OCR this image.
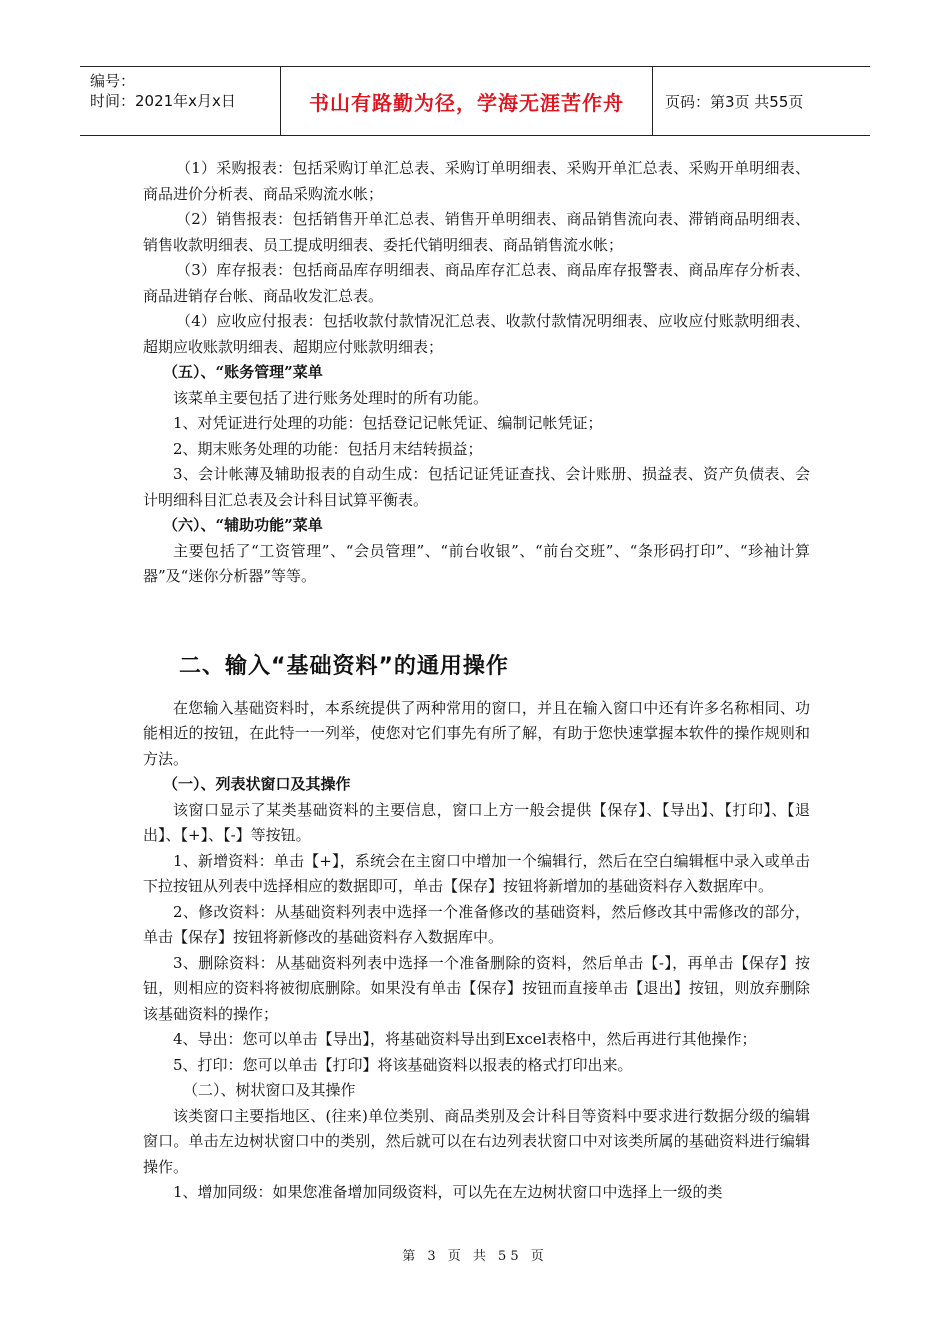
编号：
时间：2021年x月x日	书山有路勤为径，学海无涯苦作舟	页码：第3页 共55页

（1）采购报表：包括采购订单汇总表、采购订单明细表、采购开单汇总表、采购开单明细表、商品进价分析表、商品采购流水帐；

（2）销售报表：包括销售开单汇总表、销售开单明细表、商品销售流向表、滞销商品明细表、销售收款明细表、员工提成明细表、委托代销明细表、商品销售流水帐；

（3）库存报表：包括商品库存明细表、商品库存汇总表、商品库存报警表、商品库存分析表、商品进销存台帐、商品收发汇总表。

（4）应收应付报表：包括收款付款情况汇总表、收款付款情况明细表、应收应付账款明细表、超期应收账款明细表、超期应付账款明细表；

（五）、“账务管理”菜单

该菜单主要包括了进行账务处理时的所有功能。

1、对凭证进行处理的功能：包括登记记帐凭证、编制记帐凭证；

2、期末账务处理的功能：包括月末结转损益；

3、会计帐薄及辅助报表的自动生成：包括记证凭证查找、会计账册、损益表、资产负债表、会计明细科目汇总表及会计科目试算平衡表。

（六）、“辅助功能”菜单

主要包括了“工资管理”、“会员管理”、“前台收银”、“前台交班”、“条形码打印”、“珍袖计算器”及“迷你分析器”等等。

二、输入“基础资料”的通用操作

在您输入基础资料时，本系统提供了两种常用的窗口，并且在输入窗口中还有许多名称相同、功能相近的按钮，在此特一一列举，使您对它们事先有所了解，有助于您快速掌握本软件的操作规则和方法。

（一）、列表状窗口及其操作

该窗口显示了某类基础资料的主要信息，窗口上方一般会提供【保存】、【导出】、【打印】、【退出】、【+】、【-】等按钮。

1、新增资料：单击【+】，系统会在主窗口中增加一个编辑行，然后在空白编辑框中录入或单击下拉按钮从列表中选择相应的数据即可，单击【保存】按钮将新增加的基础资料存入数据库中。

2、修改资料：从基础资料列表中选择一个准备修改的基础资料，然后修改其中需修改的部分，单击【保存】按钮将新修改的基础资料存入数据库中。

3、删除资料：从基础资料列表中选择一个准备删除的资料，然后单击【-】，再单击【保存】按钮，则相应的资料将被彻底删除。如果没有单击【保存】按钮而直接单击【退出】按钮，则放弃删除该基础资料的操作；

4、导出：您可以单击【导出】，将基础资料导出到Excel表格中，然后再进行其他操作；

5、打印：您可以单击【打印】将该基础资料以报表的格式打印出来。

（二）、树状窗口及其操作

该类窗口主要指地区、(往来)单位类别、商品类别及会计科目等资料中要求进行数据分级的编辑窗口。单击左边树状窗口中的类别，然后就可以在右边列表状窗口中对该类所属的基础资料进行编辑操作。

1、增加同级：如果您准备增加同级资料，可以先在左边树状窗口中选择上一级的类

第 3 页 共 55 页
